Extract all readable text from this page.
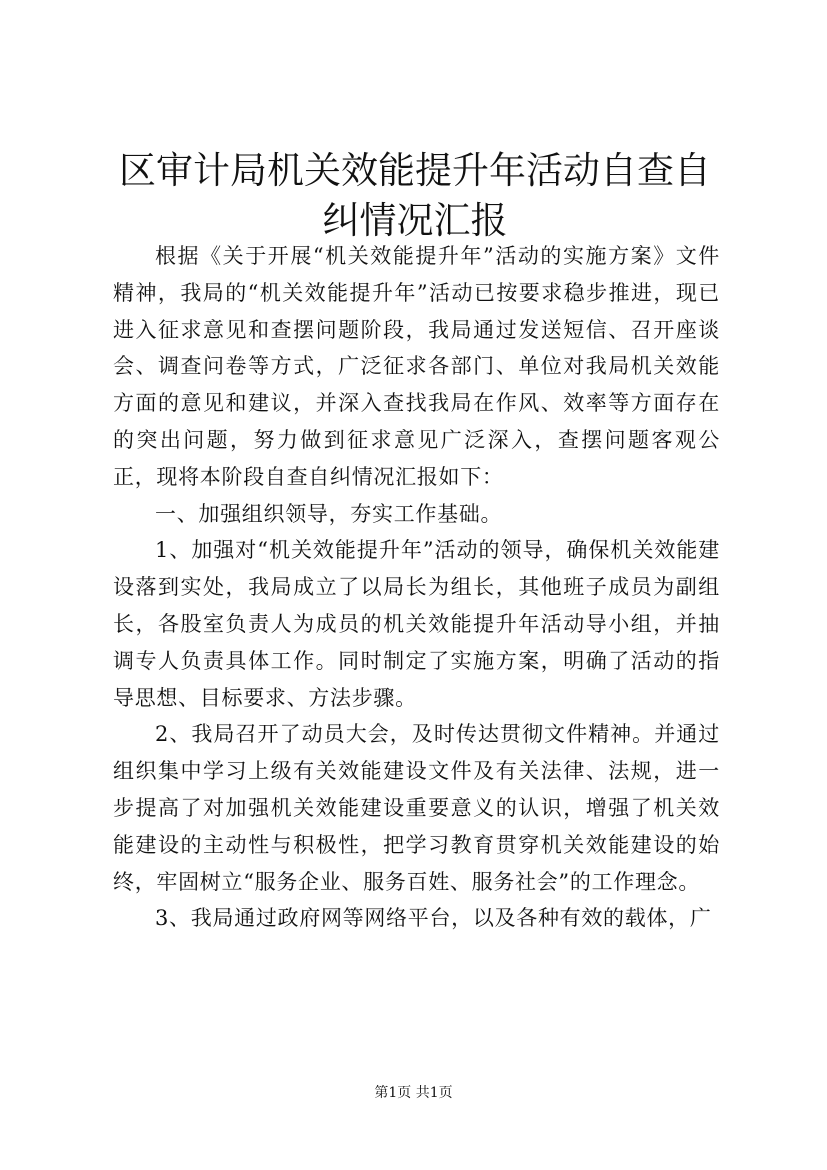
区审计局机关效能提升年活动自查自纠情况汇报

根据《关于开展“机关效能提升年”活动的实施方案》文件精神，我局的“机关效能提升年”活动已按要求稳步推进，现已进入征求意见和查摆问题阶段，我局通过发送短信、召开座谈会、调查问卷等方式，广泛征求各部门、单位对我局机关效能方面的意见和建议，并深入查找我局在作风、效率等方面存在的突出问题，努力做到征求意见广泛深入，查摆问题客观公正，现将本阶段自查自纠情况汇报如下：

一、加强组织领导，夯实工作基础。

1、加强对“机关效能提升年”活动的领导，确保机关效能建设落到实处，我局成立了以局长为组长，其他班子成员为副组长，各股室负责人为成员的机关效能提升年活动导小组，并抽调专人负责具体工作。同时制定了实施方案，明确了活动的指导思想、目标要求、方法步骤。

2、我局召开了动员大会，及时传达贯彻文件精神。并通过组织集中学习上级有关效能建设文件及有关法律、法规，进一步提高了对加强机关效能建设重要意义的认识，增强了机关效能建设的主动性与积极性，把学习教育贯穿机关效能建设的始终，牢固树立“服务企业、服务百姓、服务社会”的工作理念。

3、我局通过政府网等网络平台，以及各种有效的载体，广

第1页 共1页
